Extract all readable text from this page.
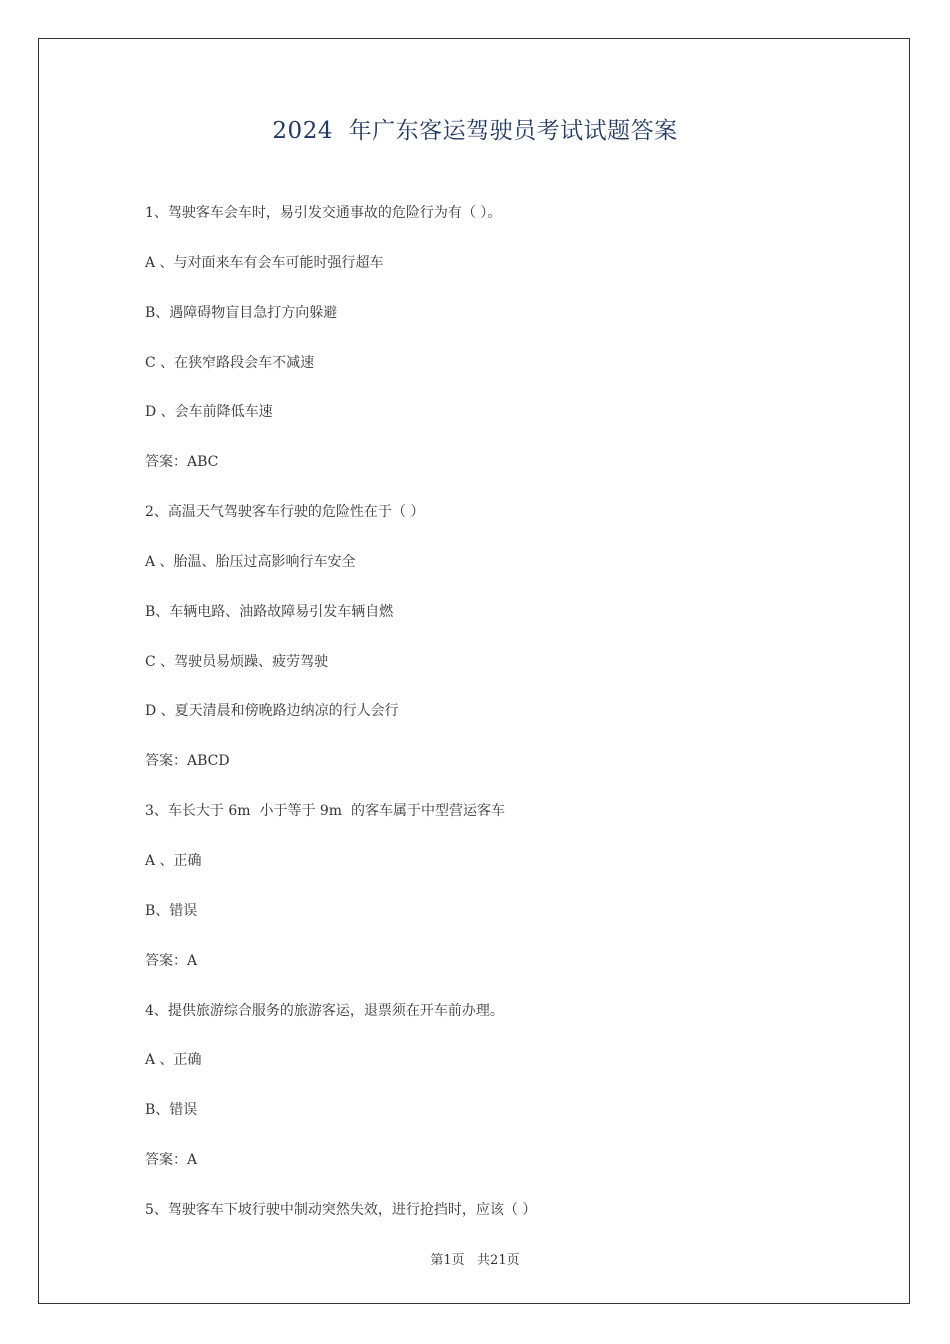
2024  年广东客运驾驶员考试试题答案
1、驾驶客车会车时，易引发交通事故的危险行为有（ ）。
A 、与对面来车有会车可能时强行超车
B、遇障碍物盲目急打方向躲避
C 、在狭窄路段会车不减速
D 、会车前降低车速
答案：ABC
2、高温天气驾驶客车行驶的危险性在于（ ）
A 、胎温、胎压过高影响行车安全
B、车辆电路、油路故障易引发车辆自燃
C 、驾驶员易烦躁、疲劳驾驶
D 、夏天清晨和傍晚路边纳凉的行人会行
答案：ABCD
3、车长大于 6m  小于等于 9m  的客车属于中型营运客车
A 、正确
B、错误
答案：A
4、提供旅游综合服务的旅游客运，退票须在开车前办理。
A 、正确
B、错误
答案：A
5、驾驶客车下坡行驶中制动突然失效，进行抢挡时，应该（ ）
第1页   共21页
